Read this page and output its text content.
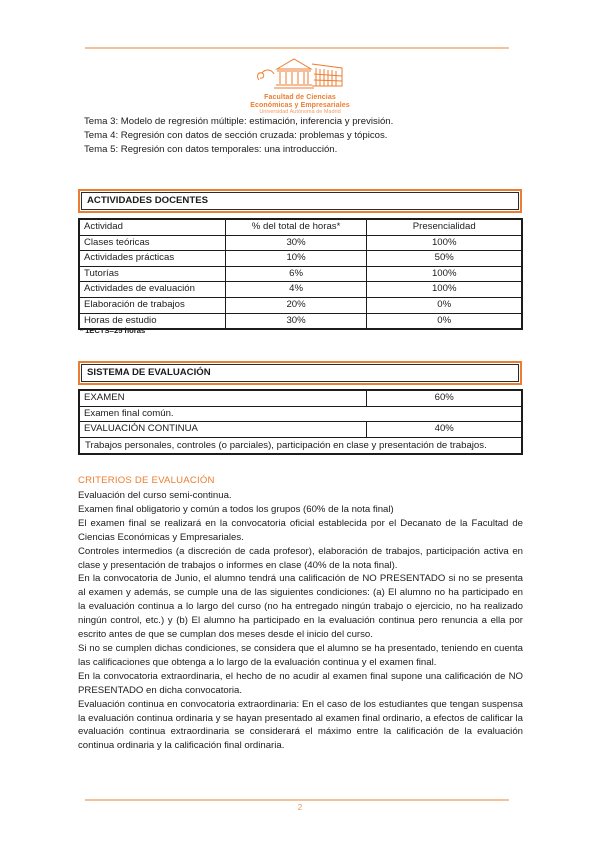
Facultad de Ciencias
Económicas y Empresariales
Universidad Autónoma de Madrid
Tema 3: Modelo de regresión múltiple: estimación, inferencia y previsión.
Tema 4: Regresión con datos de sección cruzada: problemas y tópicos.
Tema 5: Regresión con datos temporales: una introducción.
ACTIVIDADES DOCENTES
Actividad	% del total de horas*	Presencialidad
Clases teóricas	30%	100%
Actividades prácticas	10%	50%
Tutorías	6%	100%
Actividades de evaluación	4%	100%
Elaboración de trabajos	20%	0%
Horas de estudio	30%	0%
* 1ECTS=25 horas
SISTEMA DE EVALUACIÓN
EXAMEN	60%
Examen final común.	
EVALUACIÓN CONTINUA	40%
Trabajos personales, controles (o parciales), participación en clase y presentación de trabajos.	
CRITERIOS DE EVALUACIÓN

Evaluación del curso semi-continua.

Examen final obligatorio y común a todos los grupos (60% de la nota final)

El examen final se realizará en la convocatoria oficial establecida por el Decanato de la Facultad de Ciencias Económicas y Empresariales.

Controles intermedios (a discreción de cada profesor), elaboración de trabajos, participación activa en clase y presentación de trabajos o informes en clase (40% de la nota final).

En la convocatoria de Junio, el alumno tendrá una calificación de NO PRESENTADO si no se presenta al examen y además, se cumple una de las siguientes condiciones: (a) El alumno no ha participado en la evaluación continua a lo largo del curso (no ha entregado ningún trabajo o ejercicio, no ha realizado ningún control, etc.) y (b) El alumno ha participado en la evaluación continua pero renuncia a ella por escrito antes de que se cumplan dos meses desde el inicio del curso.

Si no se cumplen dichas condiciones, se considera que el alumno se ha presentado, teniendo en cuenta las calificaciones que obtenga a lo largo de la evaluación continua y el examen final.

En la convocatoria extraordinaria, el hecho de no acudir al examen final supone una calificación de NO PRESENTADO en dicha convocatoria.

Evaluación continua en convocatoria extraordinaria: En el caso de los estudiantes que tengan suspensa la evaluación continua ordinaria y se hayan presentado al examen final ordinario, a efectos de calificar la evaluación continua extraordinaria se considerará el máximo entre la calificación de la evaluación continua ordinaria y la calificación final ordinaria.

2
